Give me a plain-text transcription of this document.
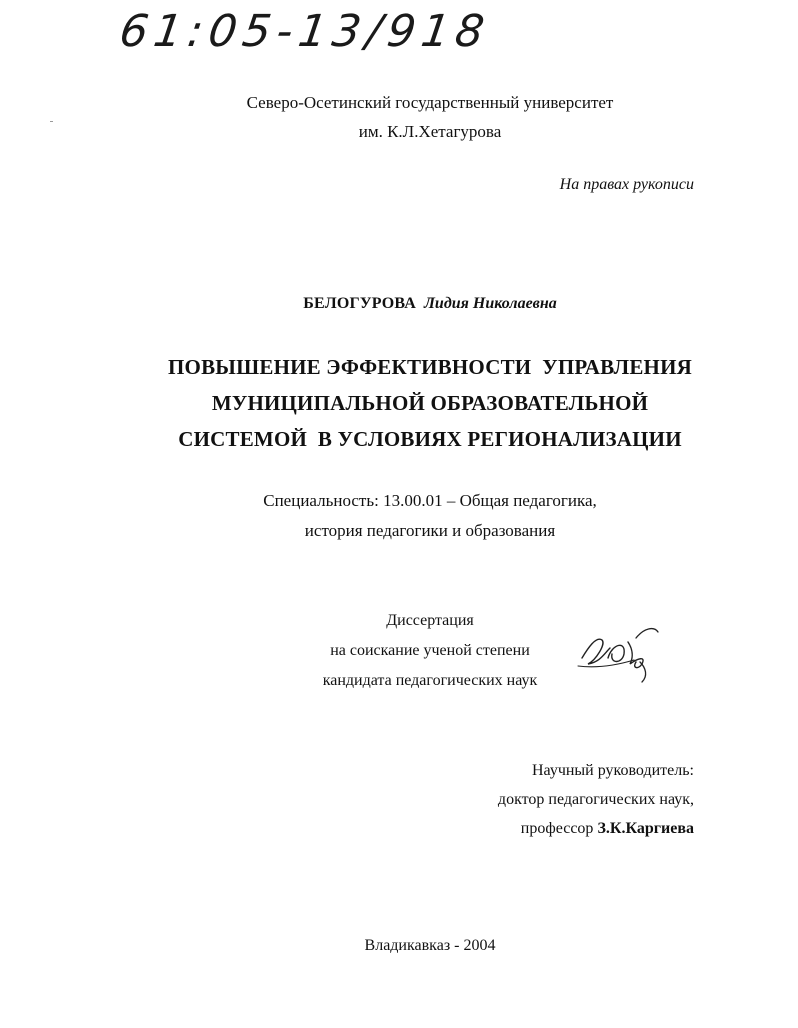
61:05-13/918
Северо-Осетинский государственный университет
им. К.Л.Хетагурова
На правах рукописи
БЕЛОГУРОВА Лидия Николаевна
ПОВЫШЕНИЕ ЭФФЕКТИВНОСТИ  УПРАВЛЕНИЯ
МУНИЦИПАЛЬНОЙ ОБРАЗОВАТЕЛЬНОЙ
СИСТЕМОЙ  В УСЛОВИЯХ РЕГИОНАЛИЗАЦИИ
Специальность: 13.00.01 – Общая педагогика,
история педагогики и образования
Диссертация
на соискание ученой степени
кандидата педагогических наук
Научный руководитель:
доктор педагогических наук,
профессор З.К.Каргиева
Владикавказ - 2004
